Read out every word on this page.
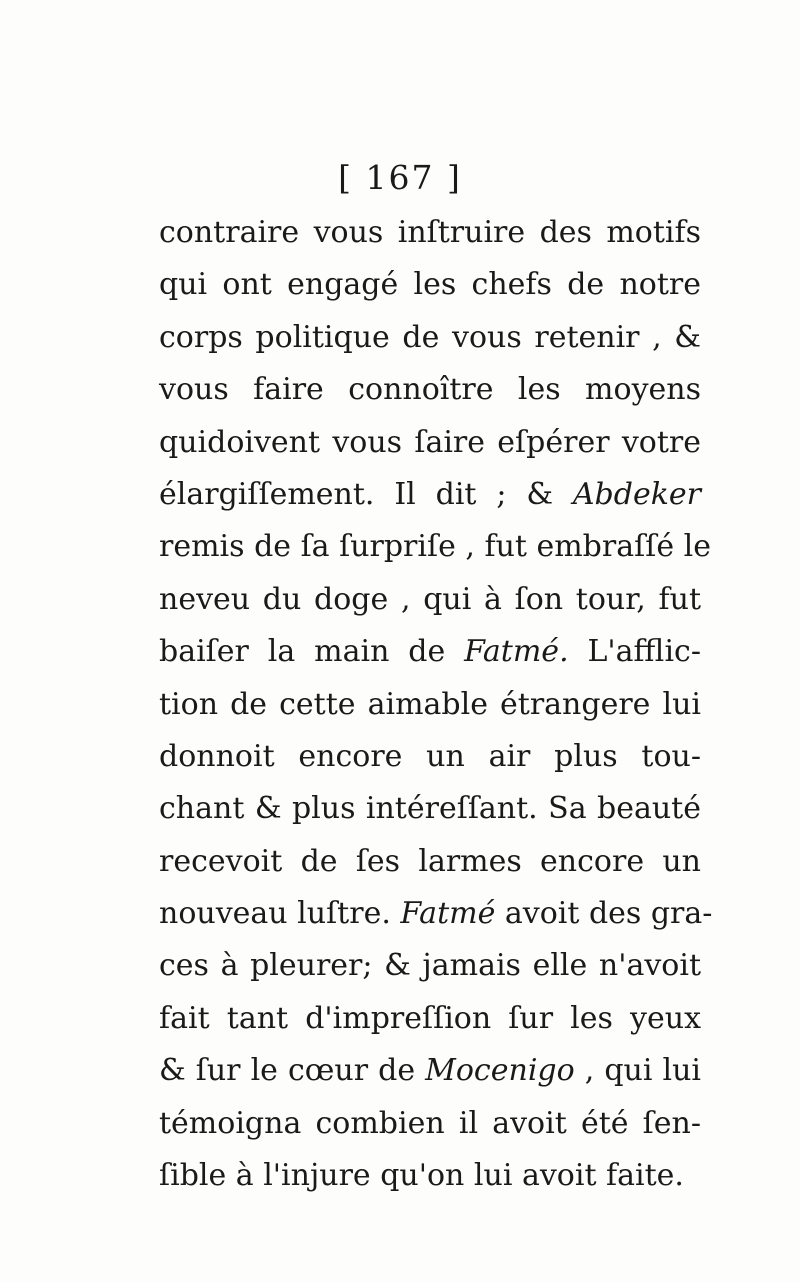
[ 167 ]
contraire vous inſtruire des motifs
qui ont engagé les chefs de notre
corps politique de vous retenir , &
vous faire connoître les moyens
quidoivent vous ſaire eſpérer votre
élargiſſement. Il dit ; & Abdeker
remis de ſa ſurpriſe , fut embraſſé le
neveu du doge , qui à ſon tour, fut
baiſer la main de Fatmé. L'afflic-
tion de cette aimable étrangere lui
donnoit encore un air plus tou-
chant & plus intéreſſant. Sa beauté
recevoit de ſes larmes encore un
nouveau luſtre. Fatmé avoit des gra-
ces à pleurer; & jamais elle n'avoit
fait tant d'impreſſion ſur les yeux
& ſur le cœur de Mocenigo , qui lui
témoigna combien il avoit été ſen-
ſible à l'injure qu'on lui avoit faite.
